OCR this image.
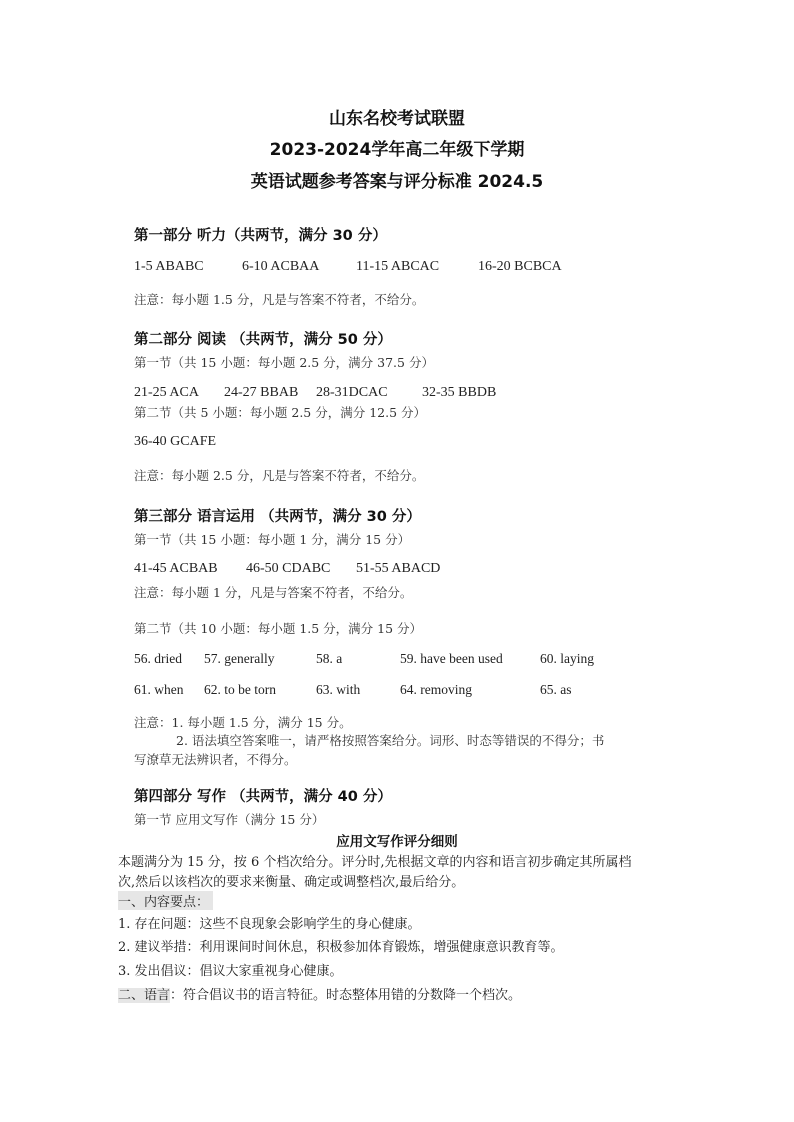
山东名校考试联盟
2023-2024学年高二年级下学期
英语试题参考答案与评分标准 2024.5
第一部分 听力（共两节，满分 30 分）
1-5 ABABC	6-10 ACBAA	11-15 ABCAC	16-20 BCBCA
注意：每小题 1.5 分，凡是与答案不符者，不给分。
第二部分 阅读 （共两节，满分 50 分）
第一节（共 15 小题：每小题 2.5 分，满分 37.5 分）
21-25 ACA 24-27 BBAB 28-31DCAC 32-35 BBDB
第二节（共 5 小题：每小题 2.5 分，满分 12.5 分）
36-40 GCAFE
注意：每小题 2.5 分，凡是与答案不符者，不给分。
第三部分 语言运用 （共两节，满分 30 分）
第一节（共 15 小题：每小题 1 分，满分 15 分）
41-45 ACBAB 46-50 CDABC 51-55 ABACD
注意：每小题 1 分，凡是与答案不符者，不给分。
第二节（共 10 小题：每小题 1.5 分，满分 15 分）
56. dried 57. generally	58. a	59. have been used	60. laying
61. when 62. to be torn	63. with	64. removing	65. as
注意：1. 每小题 1.5 分，满分 15 分。
2. 语法填空答案唯一，请严格按照答案给分。词形、时态等错误的不得分；书
写潦草无法辨识者，不得分。
第四部分 写作 （共两节，满分 40 分）
第一节 应用文写作（满分 15 分）
应用文写作评分细则
本题满分为 15 分，按 6 个档次给分。评分时,先根据文章的内容和语言初步确定其所属档
次,然后以该档次的要求来衡量、确定或调整档次,最后给分。
一、内容要点：
1. 存在问题：这些不良现象会影响学生的身心健康。
2. 建议举措：利用课间时间休息，积极参加体育锻炼，增强健康意识教育等。
3. 发出倡议：倡议大家重视身心健康。
二、语言：符合倡议书的语言特征。时态整体用错的分数降一个档次。
